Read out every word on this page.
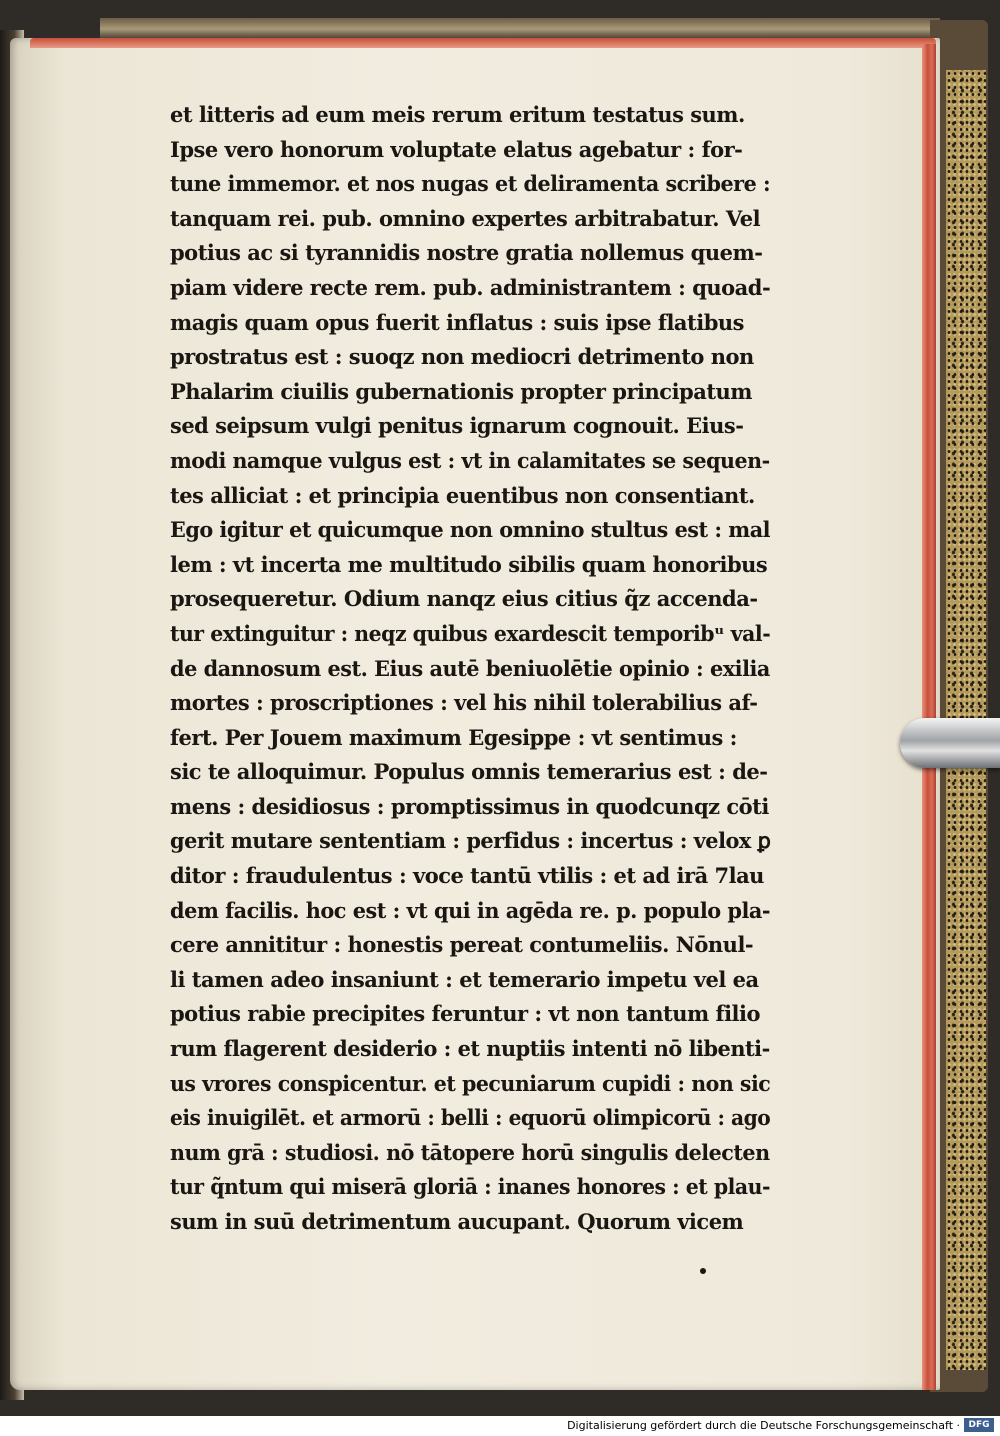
et litteris ad eum meis rerum eritum testatus sum.
Ipse vero honorum voluptate elatus agebatur : for-
tune immemor. et nos nugas et deliramenta scribere :
tanquam rei. pub. omnino expertes arbitrabatur. Vel
potius ac si tyrannidis nostre gratia nollemus quem-
piam videre recte rem. pub. administrantem : quoad-
magis quam opus fuerit inflatus : suis ipse flatibus
prostratus est : suoqz non mediocri detrimento non
Phalarim ciuilis gubernationis propter principatum
sed seipsum vulgi penitus ignarum cognouit. Eius-
modi namque vulgus est : vt in calamitates se sequen-
tes alliciat : et principia euentibus non consentiant.
Ego igitur et quicumque non omnino stultus est : mal
lem : vt incerta me multitudo sibilis quam honoribus
prosequeretur. Odium nanqz eius citius q̃z accenda-
tur extinguitur : neqz quibus exardescit temporibᵘ val-
de dannosum est. Eius autē beniuolētie opinio : exilia
mortes : proscriptiones : vel his nihil tolerabilius af-
fert. Per Jouem maximum Egesippe : vt sentimus :
sic te alloquimur. Populus omnis temerarius est : de-
mens : desidiosus : promptissimus in quodcunqz cōti
gerit mutare sententiam : perfidus : incertus : velox ꝑ
ditor : fraudulentus : voce tantū vtilis : et ad irā 7lau
dem facilis. hoc est : vt qui in agēda re. p. populo pla-
cere annititur : honestis pereat contumeliis. Nōnul-
li tamen adeo insaniunt : et temerario impetu vel ea
potius rabie precipites feruntur : vt non tantum filio
rum flagerent desiderio : et nuptiis intenti nō libenti-
us vrores conspicentur. et pecuniarum cupidi : non sic
eis inuigilēt. et armorū : belli : equorū olimpicorū : ago
num grā : studiosi. nō tātopere horū singulis delecten
tur q̃ntum qui miserā gloriā : inanes honores : et plau-
sum in suū detrimentum aucupant. Quorum vicem
Digitalisierung gefördert durch die Deutsche Forschungsgemeinschaft · DFG
